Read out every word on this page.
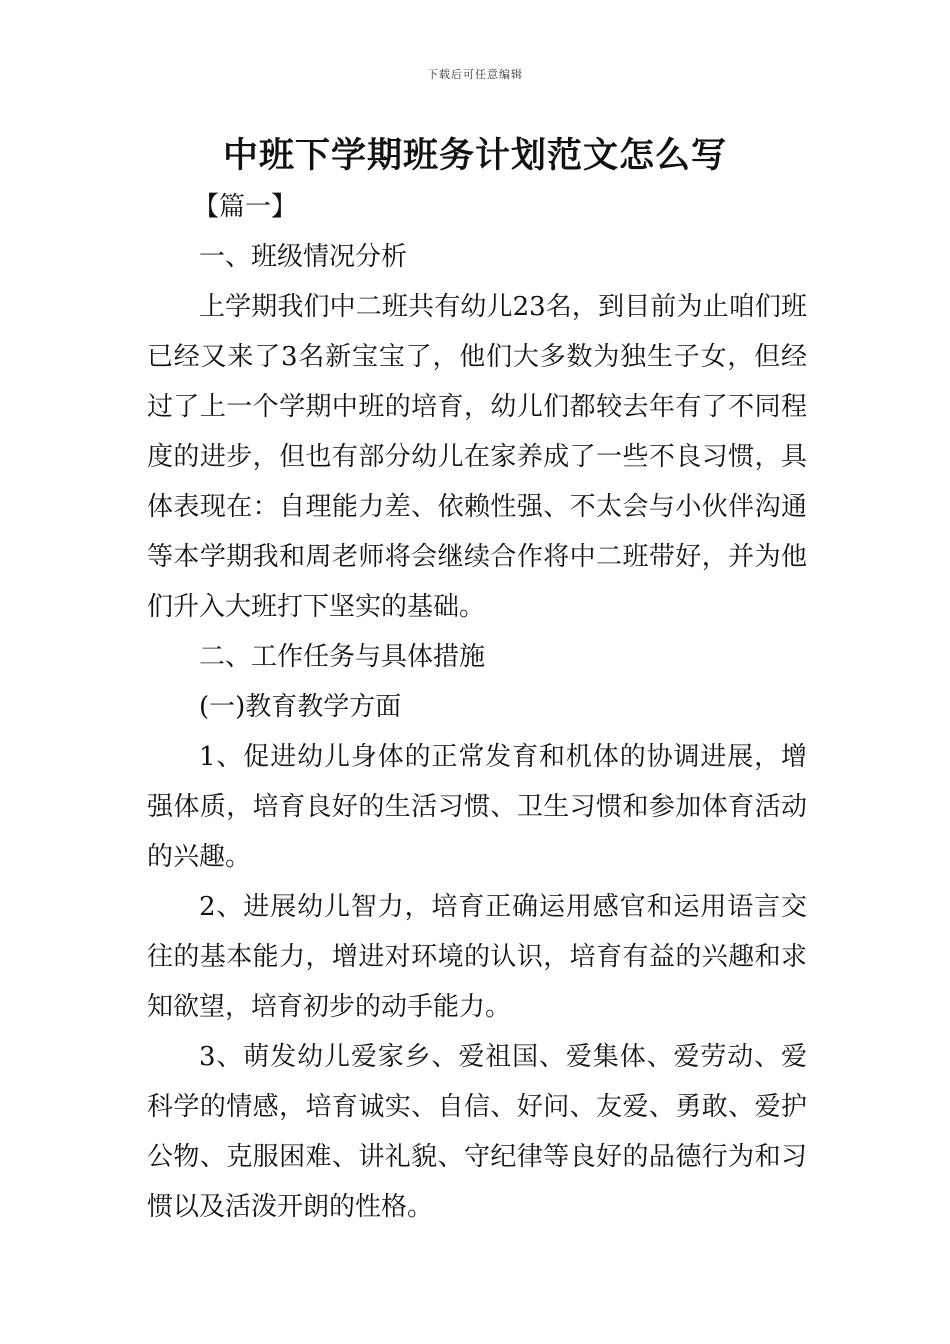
下载后可任意编辑
中班下学期班务计划范文怎么写

【篇一】

一、班级情况分析

上学期我们中二班共有幼儿23名，到目前为止咱们班已经又来了3名新宝宝了，他们大多数为独生子女，但经过了上一个学期中班的培育，幼儿们都较去年有了不同程度的进步，但也有部分幼儿在家养成了一些不良习惯，具体表现在：自理能力差、依赖性强、不太会与小伙伴沟通等本学期我和周老师将会继续合作将中二班带好，并为他们升入大班打下坚实的基础。

二、工作任务与具体措施

(一)教育教学方面

1、促进幼儿身体的正常发育和机体的协调进展，增强体质，培育良好的生活习惯、卫生习惯和参加体育活动的兴趣。

2、进展幼儿智力，培育正确运用感官和运用语言交往的基本能力，增进对环境的认识，培育有益的兴趣和求知欲望，培育初步的动手能力。

3、萌发幼儿爱家乡、爱祖国、爱集体、爱劳动、爱科学的情感，培育诚实、自信、好问、友爱、勇敢、爱护公物、克服困难、讲礼貌、守纪律等良好的品德行为和习惯以及活泼开朗的性格。
